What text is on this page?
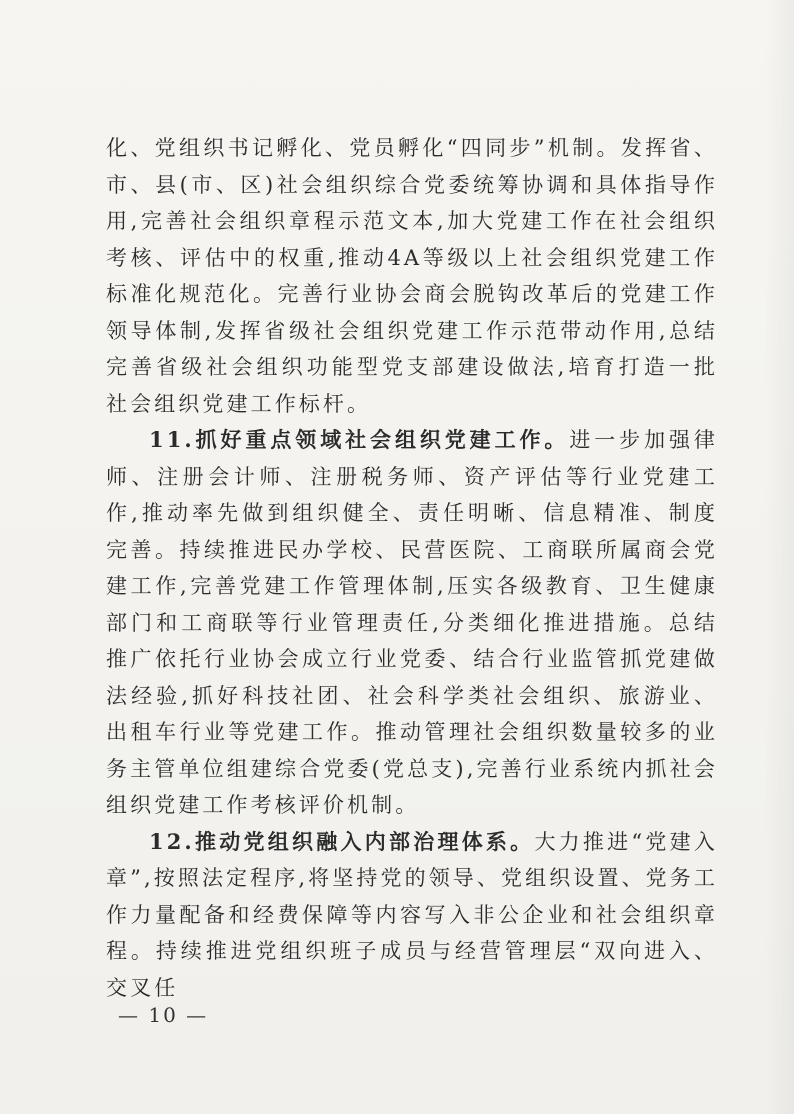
化、党组织书记孵化、党员孵化“四同步”机制。发挥省、市、县(市、区)社会组织综合党委统筹协调和具体指导作用,完善社会组织章程示范文本,加大党建工作在社会组织考核、评估中的权重,推动4A等级以上社会组织党建工作标准化规范化。完善行业协会商会脱钩改革后的党建工作领导体制,发挥省级社会组织党建工作示范带动作用,总结完善省级社会组织功能型党支部建设做法,培育打造一批社会组织党建工作标杆。

11.抓好重点领域社会组织党建工作。进一步加强律师、注册会计师、注册税务师、资产评估等行业党建工作,推动率先做到组织健全、责任明晰、信息精准、制度完善。持续推进民办学校、民营医院、工商联所属商会党建工作,完善党建工作管理体制,压实各级教育、卫生健康部门和工商联等行业管理责任,分类细化推进措施。总结推广依托行业协会成立行业党委、结合行业监管抓党建做法经验,抓好科技社团、社会科学类社会组织、旅游业、出租车行业等党建工作。推动管理社会组织数量较多的业务主管单位组建综合党委(党总支),完善行业系统内抓社会组织党建工作考核评价机制。

12.推动党组织融入内部治理体系。大力推进“党建入章”,按照法定程序,将坚持党的领导、党组织设置、党务工作力量配备和经费保障等内容写入非公企业和社会组织章程。持续推进党组织班子成员与经营管理层“双向进入、交叉任

— 10 —
